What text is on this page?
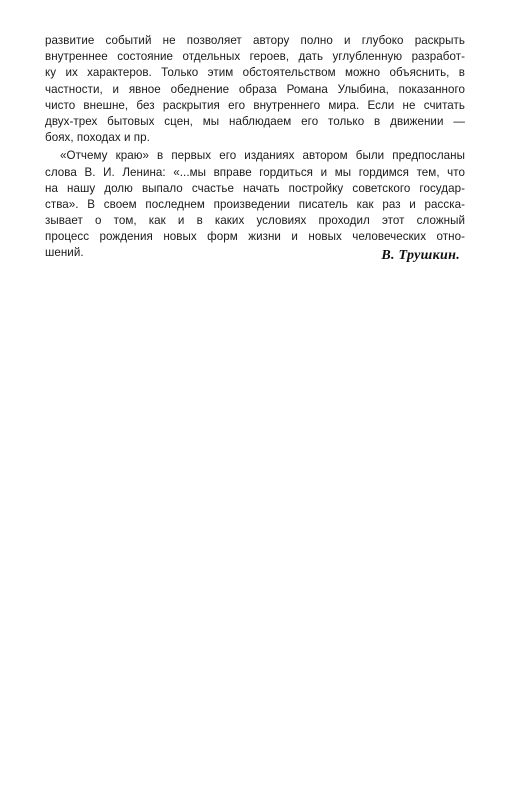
развитие событий не позволяет автору полно и глубоко раскрыть
внутреннее состояние отдельных героев, дать углубленную разработ-
ку их характеров. Только этим обстоятельством можно объяснить, в
частности, и явное обеднение образа Романа Улыбина, показанного
чисто внешне, без раскрытия его внутреннего мира. Если не считать
двух-трех бытовых сцен, мы наблюдаем его только в движении —
боях, походах и пр.
«Отчему краю» в первых его изданиях автором были предпосланы
слова В. И. Ленина: «...мы вправе гордиться и мы гордимся тем, что
на нашу долю выпало счастье начать постройку советского государ-
ства». В своем последнем произведении писатель как раз и расска-
зывает о том, как и в каких условиях проходил этот сложный
процесс рождения новых форм жизни и новых человеческих отно-
шений.	В. Трушкин.
